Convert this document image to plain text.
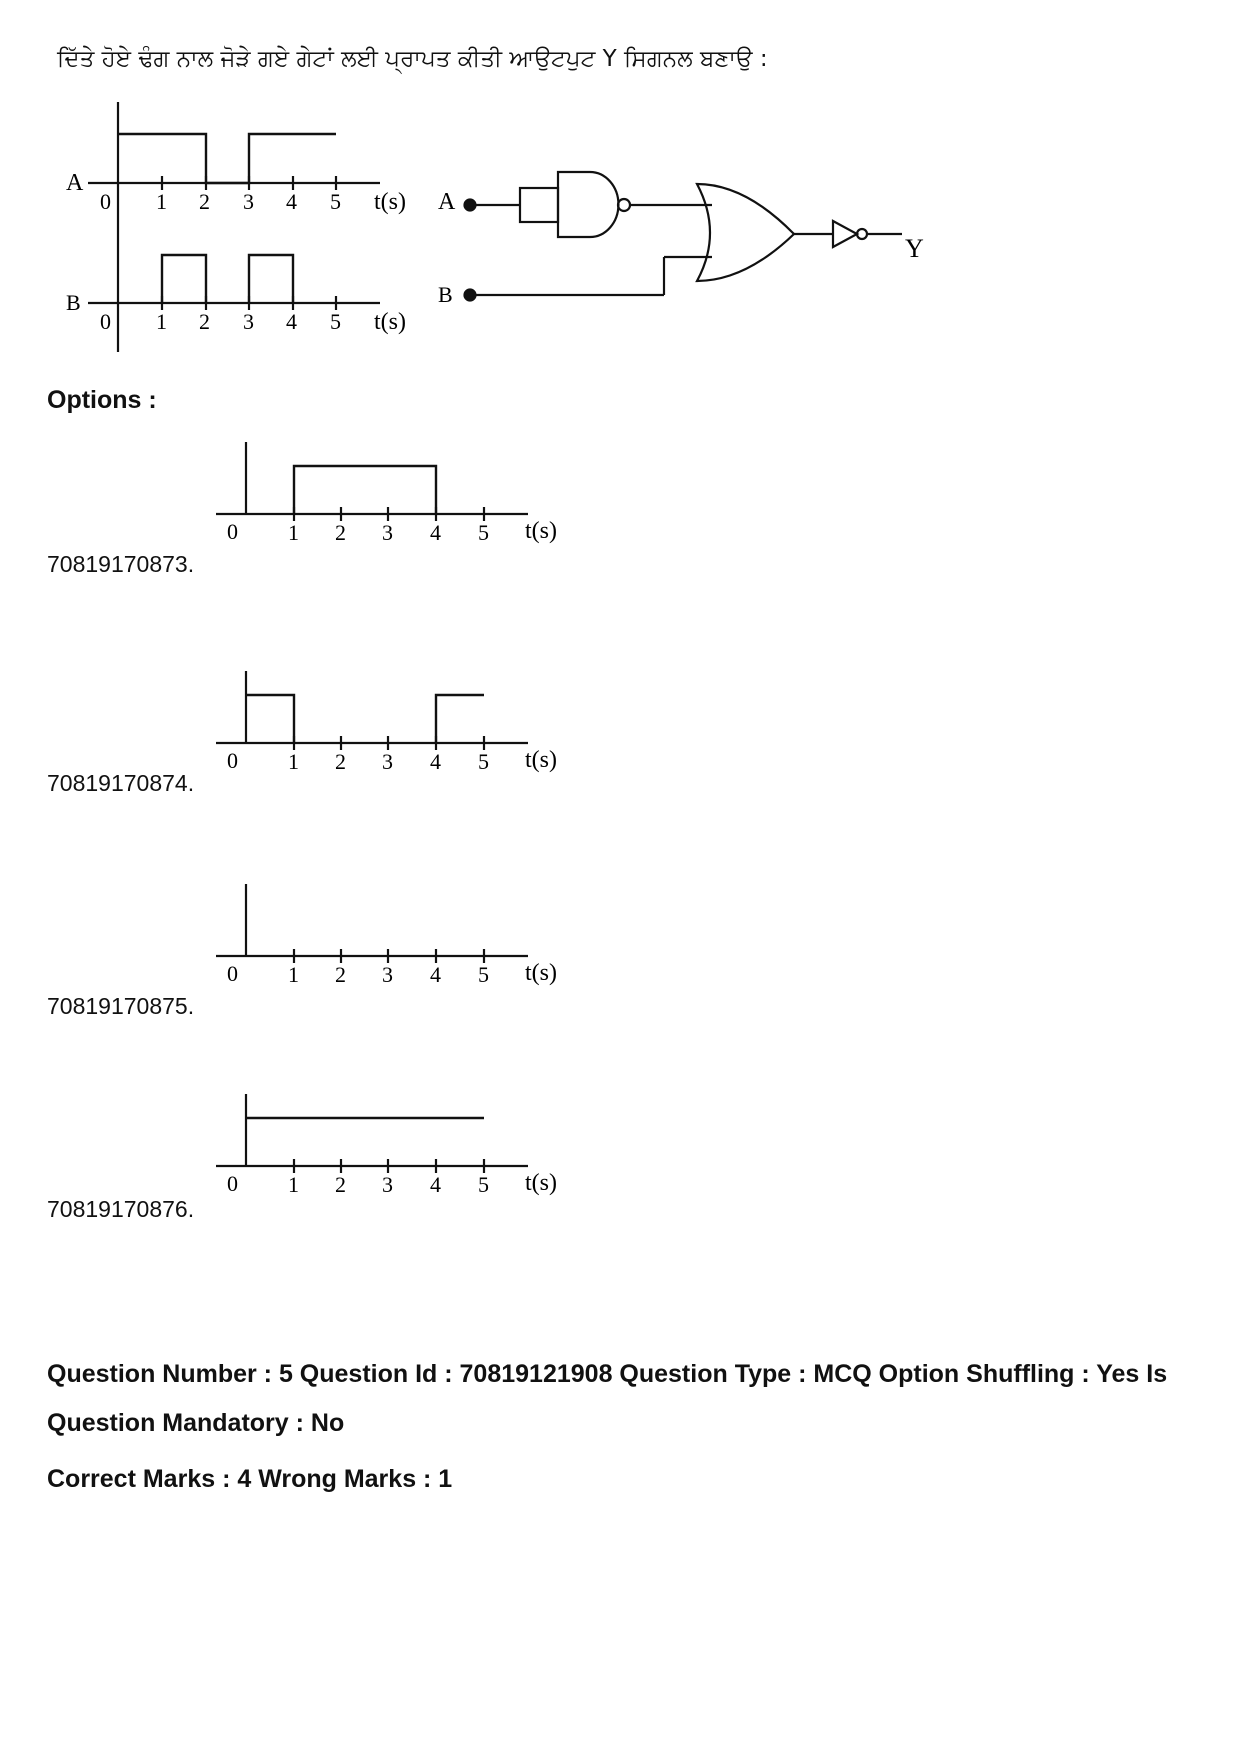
ਦਿੱਤੇ ਹੋਏ ਢੰਗ ਨਾਲ ਜੋੜੇ ਗਏ ਗੇਟਾਂ ਲਈ ਪ੍ਰਾਪਤ ਕੀਤੀ ਆਉਟਪੁਟ Y ਸਿਗਨਲ ਬਣਾਉ :
A
B
0
0
1 2 3 4 5
1 2 3 4 5
t(s)
t(s)
A
B
Y
Options :
0 1 2 3 4 5 t(s)
70819170873.
0 1 2 3 4 5 t(s)
70819170874.
0 1 2 3 4 5 t(s)
70819170875.
0 1 2 3 4 5 t(s)
70819170876.
Question Number : 5 Question Id : 70819121908 Question Type : MCQ Option Shuffling : Yes Is
Question Mandatory : No
Correct Marks : 4 Wrong Marks : 1
